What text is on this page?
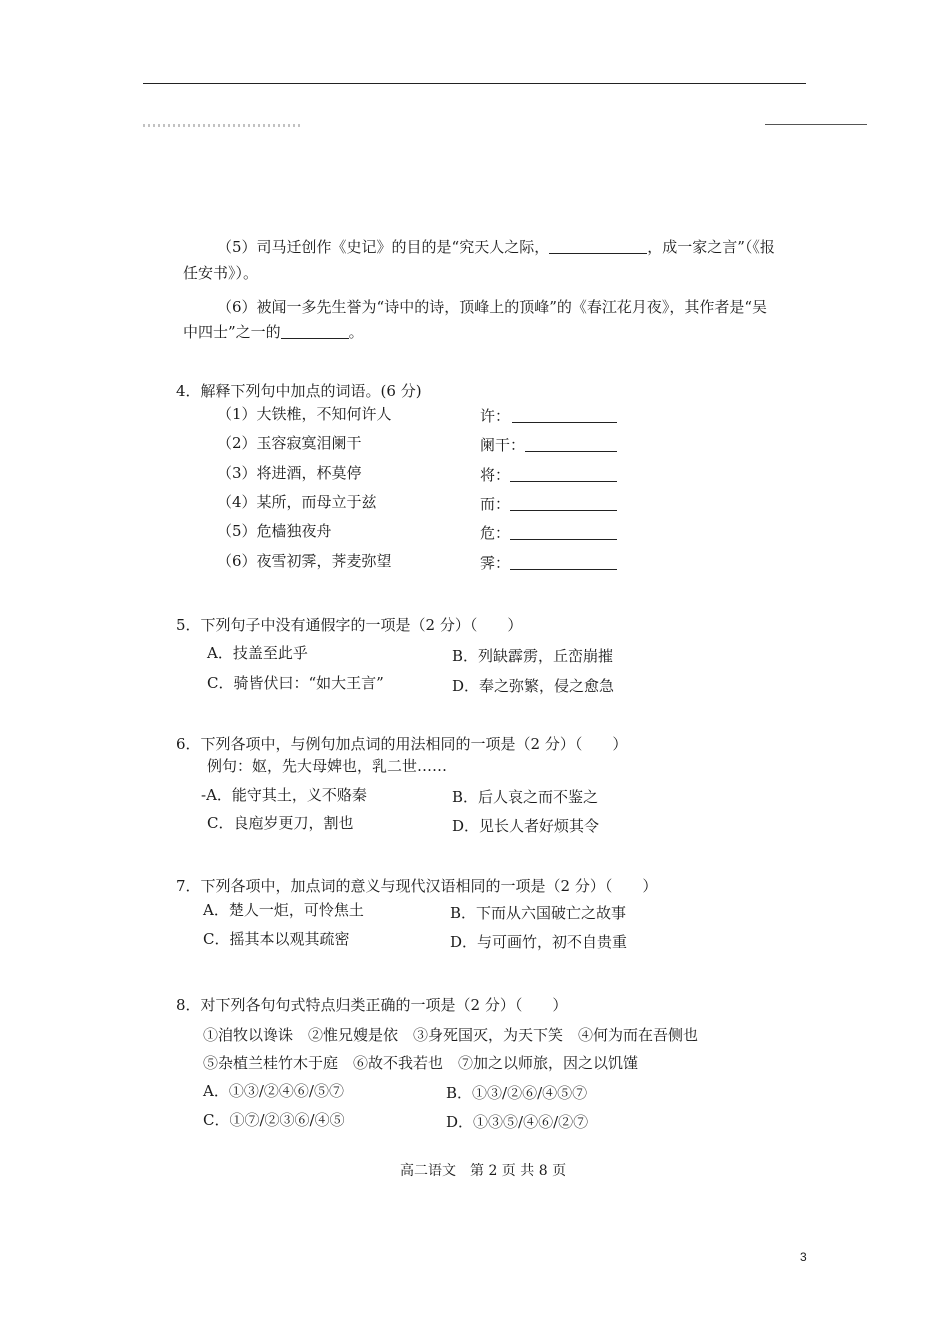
（5）司马迁创作《史记》的目的是“究天人之际，	，成一家之言”（《报
任安书》）。
（6）被闻一多先生誉为“诗中的诗，顶峰上的顶峰”的《春江花月夜》，其作者是“吴
中四士”之一的	。
4．解释下列句中加点的词语。(6 分)
（1）大铁椎，不知何许人	许：
（2）玉容寂寞泪阑干	阑干：
（3）将进酒，杯莫停	将：
（4）某所，而母立于兹	而：
（5）危樯独夜舟	危：
（6）夜雪初霁，荠麦弥望	霁：
5．下列句子中没有通假字的一项是（2 分）（　　）
A．技盖至此乎	B．列缺霹雳，丘峦崩摧
C．骑皆伏曰：“如大王言”	D．奉之弥繁，侵之愈急
6．下列各项中，与例句加点词的用法相同的一项是（2 分）（　　）
例句：妪，先大母婢也，乳二世……
-A．能守其土，义不赂秦	B．后人哀之而不鉴之
C．良庖岁更刀，割也	D．见长人者好烦其令
7．下列各项中，加点词的意义与现代汉语相同的一项是（2 分）（　　）
A．楚人一炬，可怜焦土	B．下而从六国破亡之故事
C．摇其本以观其疏密	D．与可画竹，初不自贵重
8．对下列各句句式特点归类正确的一项是（2 分）（　　）
①洎牧以谗诛　②惟兄嫂是依　③身死国灭，为天下笑　④何为而在吾侧也
⑤杂植兰桂竹木于庭　⑥故不我若也　⑦加之以师旅，因之以饥馑
A．①③/②④⑥/⑤⑦	B．①③/②⑥/④⑤⑦
C．①⑦/②③⑥/④⑤	D．①③⑤/④⑥/②⑦
高二语文　第 2 页 共 8 页
3
